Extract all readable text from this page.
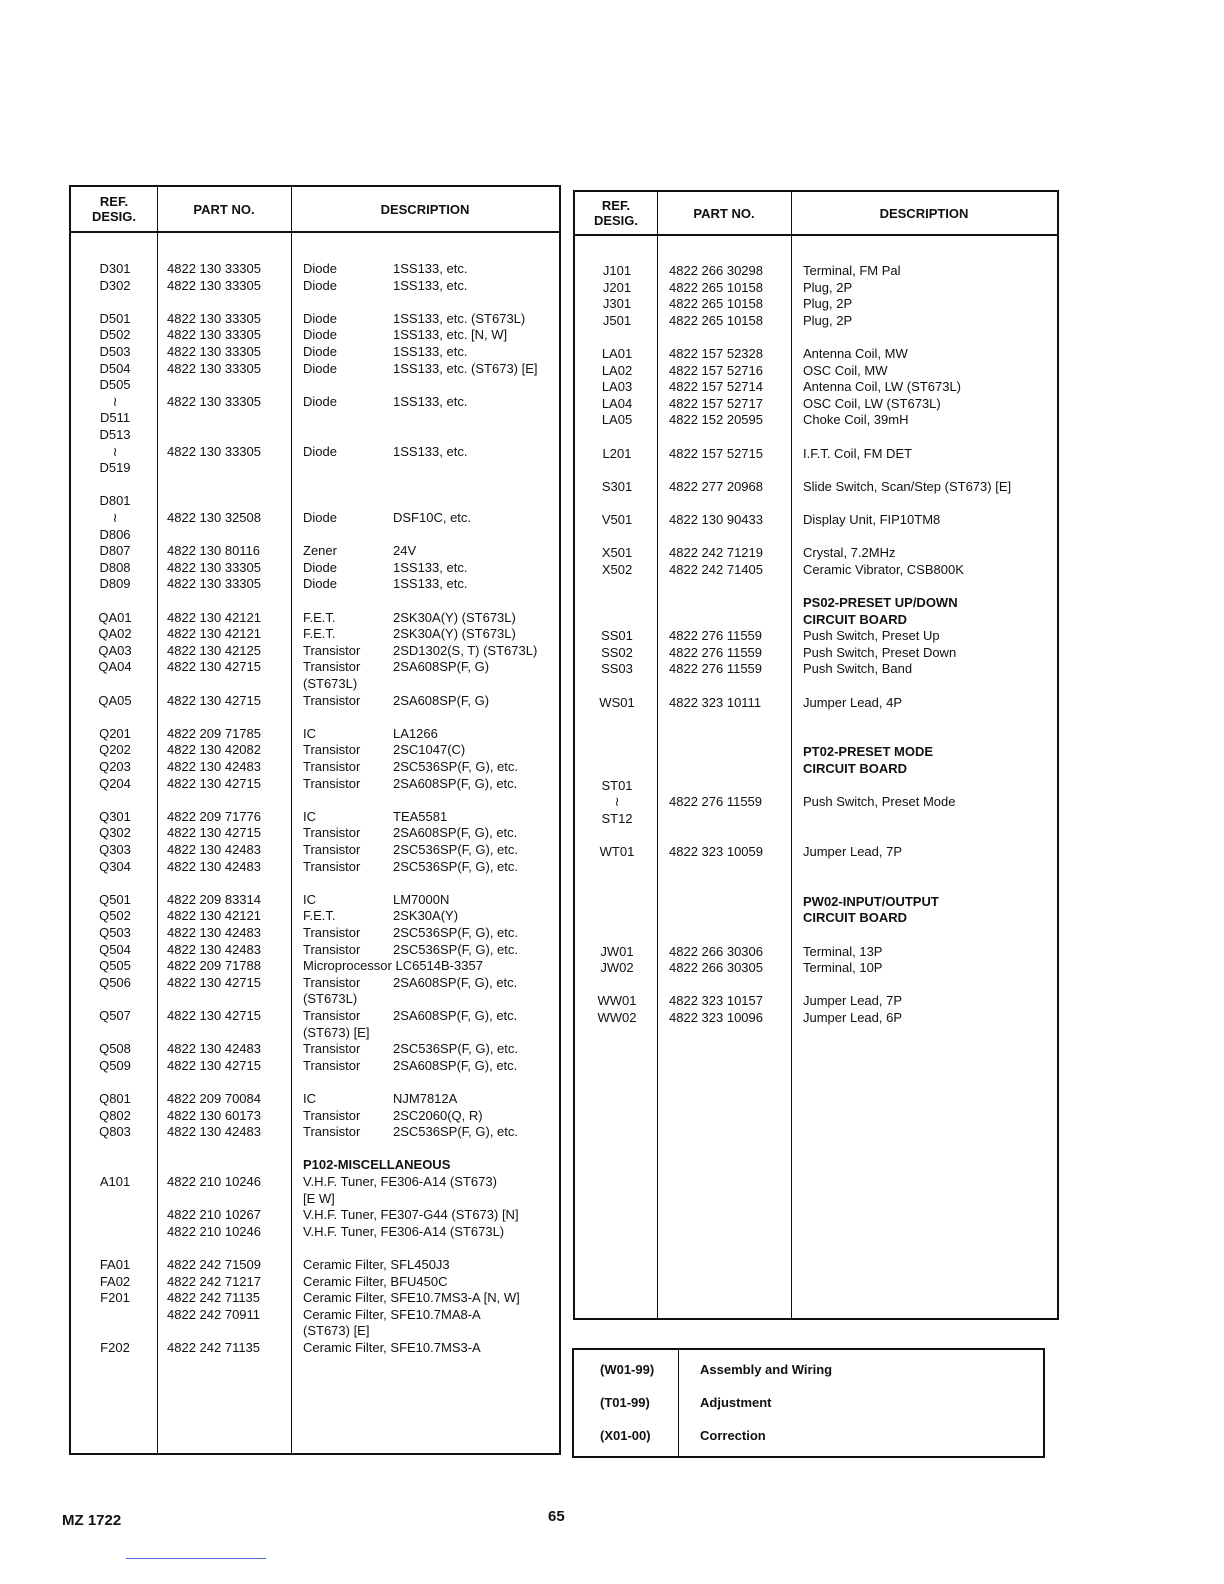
REF.
DESIG.	PART NO.	DESCRIPTION
D301	4822 130 33305	Diode	1SS133, etc.
D302	4822 130 33305	Diode	1SS133, etc.
D501	4822 130 33305	Diode	1SS133, etc. (ST673L)
D502	4822 130 33305	Diode	1SS133, etc. [N, W]
D503	4822 130 33305	Diode	1SS133, etc.
D504	4822 130 33305	Diode	1SS133, etc. (ST673) [E]
D505
≀	4822 130 33305	Diode	1SS133, etc.
D511
D513
≀	4822 130 33305	Diode	1SS133, etc.
D519
D801
≀	4822 130 32508	Diode	DSF10C, etc.
D806
D807	4822 130 80116	Zener	24V
D808	4822 130 33305	Diode	1SS133, etc.
D809	4822 130 33305	Diode	1SS133, etc.
QA01	4822 130 42121	F.E.T.	2SK30A(Y) (ST673L)
QA02	4822 130 42121	F.E.T.	2SK30A(Y) (ST673L)
QA03	4822 130 42125	Transistor	2SD1302(S, T) (ST673L)
QA04	4822 130 42715	Transistor	2SA608SP(F, G)
(ST673L)
QA05	4822 130 42715	Transistor	2SA608SP(F, G)
Q201	4822 209 71785	IC	LA1266
Q202	4822 130 42082	Transistor	2SC1047(C)
Q203	4822 130 42483	Transistor	2SC536SP(F, G), etc.
Q204	4822 130 42715	Transistor	2SA608SP(F, G), etc.
Q301	4822 209 71776	IC	TEA5581
Q302	4822 130 42715	Transistor	2SA608SP(F, G), etc.
Q303	4822 130 42483	Transistor	2SC536SP(F, G), etc.
Q304	4822 130 42483	Transistor	2SC536SP(F, G), etc.
Q501	4822 209 83314	IC	LM7000N
Q502	4822 130 42121	F.E.T.	2SK30A(Y)
Q503	4822 130 42483	Transistor	2SC536SP(F, G), etc.
Q504	4822 130 42483	Transistor	2SC536SP(F, G), etc.
Q505	4822 209 71788	Microprocessor LC6514B-3357
Q506	4822 130 42715	Transistor	2SA608SP(F, G), etc.
(ST673L)
Q507	4822 130 42715	Transistor	2SA608SP(F, G), etc.
(ST673) [E]
Q508	4822 130 42483	Transistor	2SC536SP(F, G), etc.
Q509	4822 130 42715	Transistor	2SA608SP(F, G), etc.
Q801	4822 209 70084	IC	NJM7812A
Q802	4822 130 60173	Transistor	2SC2060(Q, R)
Q803	4822 130 42483	Transistor	2SC536SP(F, G), etc.
P102-MISCELLANEOUS
A101	4822 210 10246	V.H.F. Tuner, FE306-A14 (ST673)
[E W]
4822 210 10267	V.H.F. Tuner, FE307-G44 (ST673) [N]
4822 210 10246	V.H.F. Tuner, FE306-A14 (ST673L)
FA01	4822 242 71509	Ceramic Filter, SFL450J3
FA02	4822 242 71217	Ceramic Filter, BFU450C
F201	4822 242 71135	Ceramic Filter, SFE10.7MS3-A [N, W]
4822 242 70911	Ceramic Filter, SFE10.7MA8-A
(ST673) [E]
F202	4822 242 71135	Ceramic Filter, SFE10.7MS3-A
REF.
DESIG.	PART NO.	DESCRIPTION
J101	4822 266 30298	Terminal, FM Pal
J201	4822 265 10158	Plug, 2P
J301	4822 265 10158	Plug, 2P
J501	4822 265 10158	Plug, 2P
LA01	4822 157 52328	Antenna Coil, MW
LA02	4822 157 52716	OSC Coil, MW
LA03	4822 157 52714	Antenna Coil, LW (ST673L)
LA04	4822 157 52717	OSC Coil, LW (ST673L)
LA05	4822 152 20595	Choke Coil, 39mH
L201	4822 157 52715	I.F.T. Coil, FM DET
S301	4822 277 20968	Slide Switch, Scan/Step (ST673) [E]
V501	4822 130 90433	Display Unit, FIP10TM8
X501	4822 242 71219	Crystal, 7.2MHz
X502	4822 242 71405	Ceramic Vibrator, CSB800K
PS02-PRESET UP/DOWN
CIRCUIT BOARD
SS01	4822 276 11559	Push Switch, Preset Up
SS02	4822 276 11559	Push Switch, Preset Down
SS03	4822 276 11559	Push Switch, Band
WS01	4822 323 10111	Jumper Lead, 4P
PT02-PRESET MODE
CIRCUIT BOARD
ST01
≀	4822 276 11559	Push Switch, Preset Mode
ST12
WT01	4822 323 10059	Jumper Lead, 7P
PW02-INPUT/OUTPUT
CIRCUIT BOARD
JW01	4822 266 30306	Terminal, 13P
JW02	4822 266 30305	Terminal, 10P
WW01	4822 323 10157	Jumper Lead, 7P
WW02	4822 323 10096	Jumper Lead, 6P
(W01-99)	Assembly and Wiring
(T01-99)	Adjustment
(X01-00)	Correction
MZ 1722	65
